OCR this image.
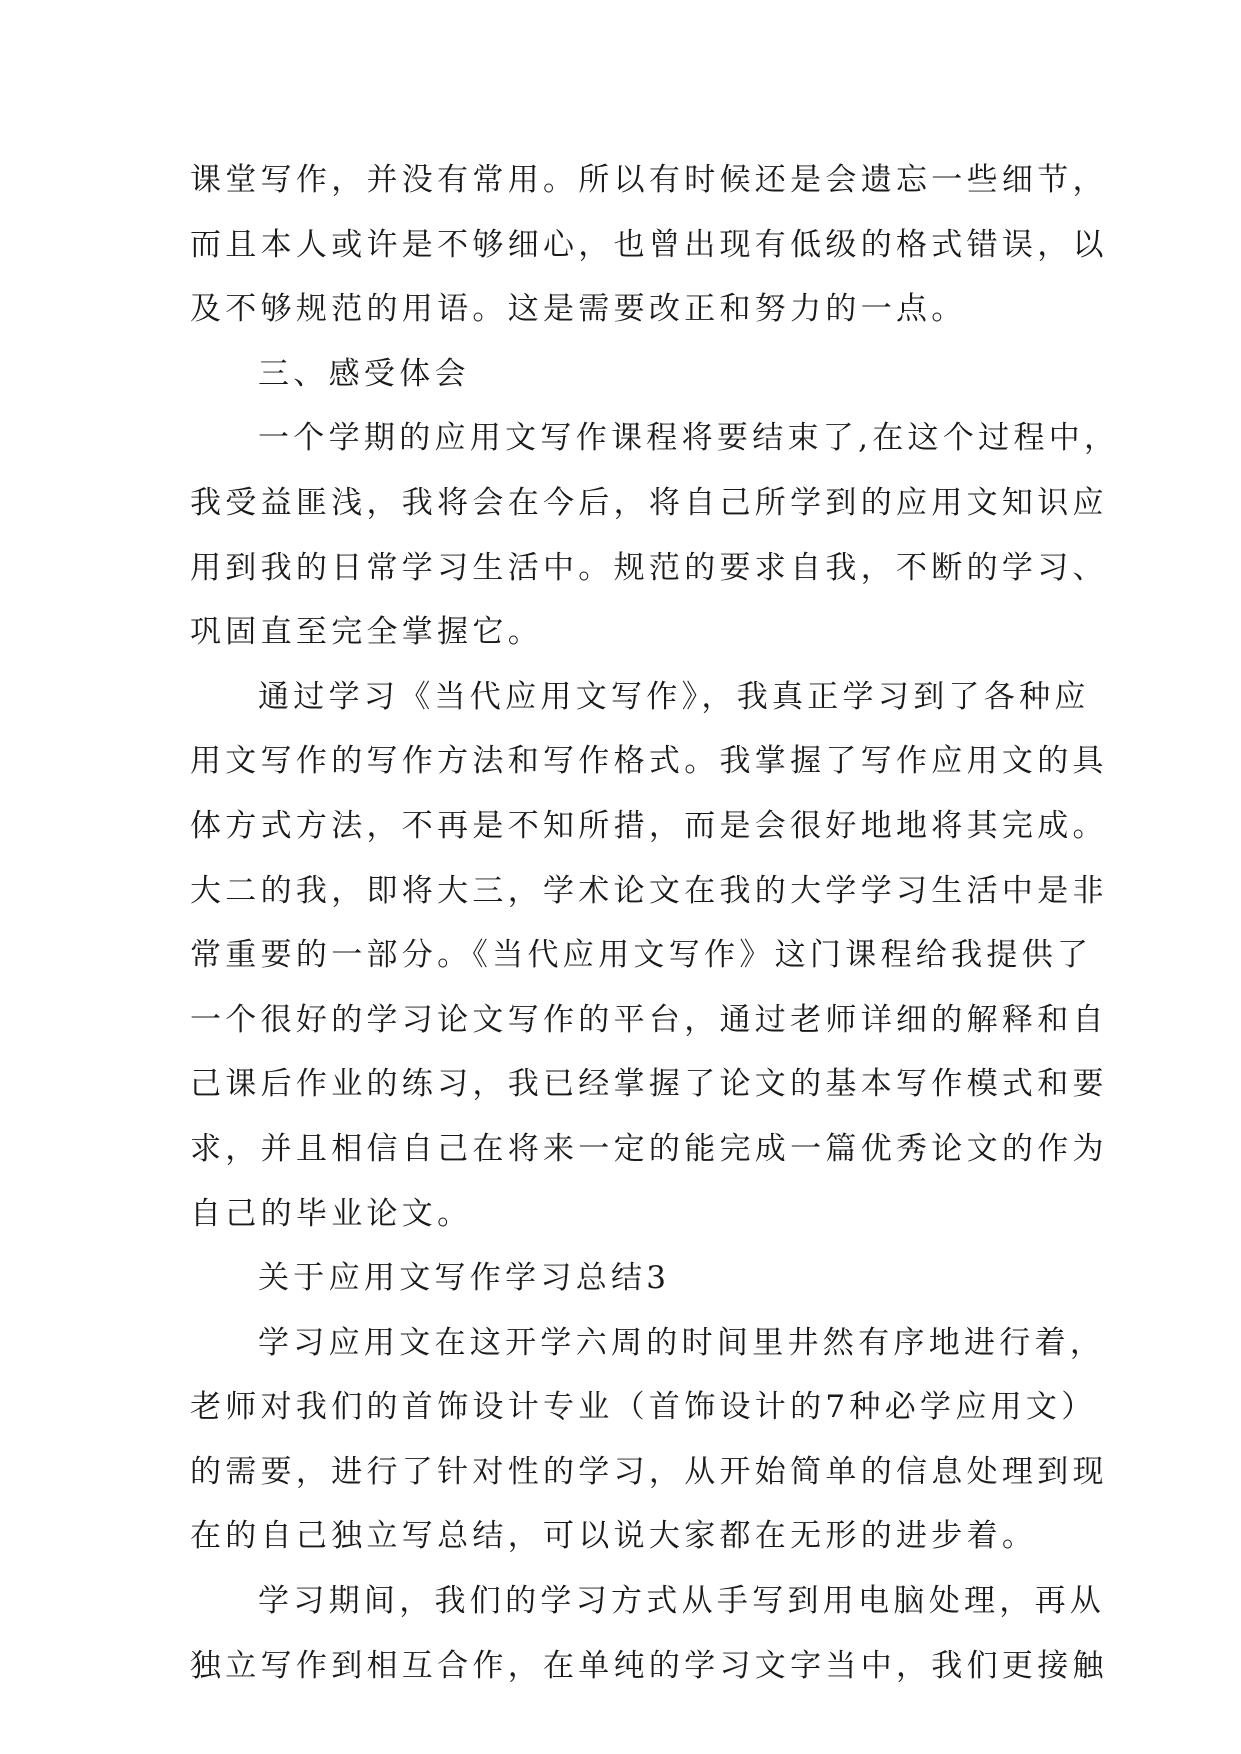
课堂写作，并没有常用。所以有时候还是会遗忘一些细节，
而且本人或许是不够细心，也曾出现有低级的格式错误，以
及不够规范的用语。这是需要改正和努力的一点。
三、感受体会
一个学期的应用文写作课程将要结束了,在这个过程中，
我受益匪浅，我将会在今后，将自己所学到的应用文知识应
用到我的日常学习生活中。规范的要求自我，不断的学习、
巩固直至完全掌握它。
通过学习《当代应用文写作》，我真正学习到了各种应
用文写作的写作方法和写作格式。我掌握了写作应用文的具
体方式方法，不再是不知所措，而是会很好地地将其完成。
大二的我，即将大三，学术论文在我的大学学习生活中是非
常重要的一部分。《当代应用文写作》这门课程给我提供了
一个很好的学习论文写作的平台，通过老师详细的解释和自
己课后作业的练习，我已经掌握了论文的基本写作模式和要
求，并且相信自己在将来一定的能完成一篇优秀论文的作为
自己的毕业论文。
关于应用文写作学习总结3
学习应用文在这开学六周的时间里井然有序地进行着，
老师对我们的首饰设计专业（首饰设计的7种必学应用文）
的需要，进行了针对性的学习，从开始简单的信息处理到现
在的自己独立写总结，可以说大家都在无形的进步着。
学习期间，我们的学习方式从手写到用电脑处理，再从
独立写作到相互合作，在单纯的学习文字当中，我们更接触
